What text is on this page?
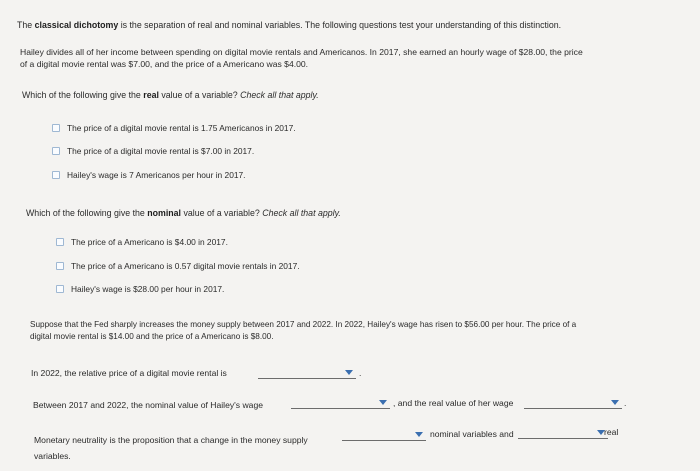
The classical dichotomy is the separation of real and nominal variables. The following questions test your understanding of this distinction.
Hailey divides all of her income between spending on digital movie rentals and Americanos. In 2017, she earned an hourly wage of $28.00, the price
of a digital movie rental was $7.00, and the price of a Americano was $4.00.
Which of the following give the real value of a variable? Check all that apply.
The price of a digital movie rental is 1.75 Americanos in 2017.
The price of a digital movie rental is $7.00 in 2017.
Hailey's wage is 7 Americanos per hour in 2017.
Which of the following give the nominal value of a variable? Check all that apply.
The price of a Americano is $4.00 in 2017.
The price of a Americano is 0.57 digital movie rentals in 2017.
Hailey's wage is $28.00 per hour in 2017.
Suppose that the Fed sharply increases the money supply between 2017 and 2022. In 2022, Hailey's wage has risen to $56.00 per hour. The price of a
digital movie rental is $14.00 and the price of a Americano is $8.00.
In 2022, the relative price of a digital movie rental is	.
Between 2017 and 2022, the nominal value of Hailey's wage	, and the real value of her wage	.
Monetary neutrality is the proposition that a change in the money supply
nominal variables and	real
variables.
